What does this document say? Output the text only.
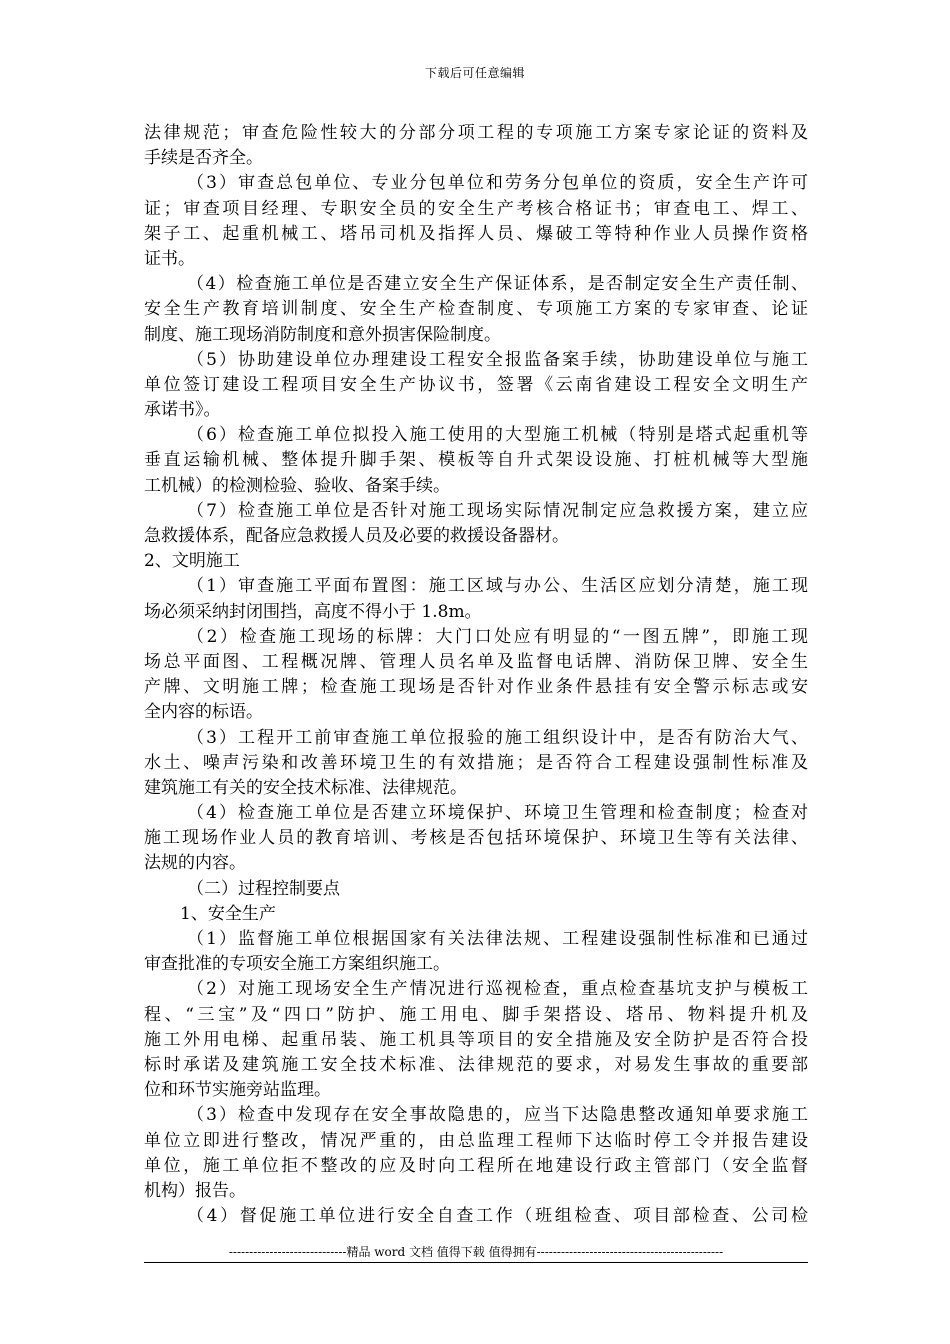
下载后可任意编辑
法律规范；审查危险性较大的分部分项工程的专项施工方案专家论证的资料及
手续是否齐全。
（3）审查总包单位、专业分包单位和劳务分包单位的资质，安全生产许可
证；审查项目经理、专职安全员的安全生产考核合格证书；审查电工、焊工、
架子工、起重机械工、塔吊司机及指挥人员、爆破工等特种作业人员操作资格
证书。
（4）检查施工单位是否建立安全生产保证体系，是否制定安全生产责任制、
安全生产教育培训制度、安全生产检查制度、专项施工方案的专家审查、论证
制度、施工现场消防制度和意外损害保险制度。
（5）协助建设单位办理建设工程安全报监备案手续，协助建设单位与施工
单位签订建设工程项目安全生产协议书，签署《云南省建设工程安全文明生产
承诺书》。
（6）检查施工单位拟投入施工使用的大型施工机械（特别是塔式起重机等
垂直运输机械、整体提升脚手架、模板等自升式架设设施、打桩机械等大型施
工机械）的检测检验、验收、备案手续。
（7）检查施工单位是否针对施工现场实际情况制定应急救援方案，建立应
急救援体系，配备应急救援人员及必要的救援设备器材。
2、文明施工
（1）审查施工平面布置图：施工区域与办公、生活区应划分清楚，施工现
场必须采纳封闭围挡，高度不得小于 1.8m。
（2）检查施工现场的标牌：大门口处应有明显的“一图五牌”，即施工现
场总平面图、工程概况牌、管理人员名单及监督电话牌、消防保卫牌、安全生
产牌、文明施工牌；检查施工现场是否针对作业条件悬挂有安全警示标志或安
全内容的标语。
（3）工程开工前审查施工单位报验的施工组织设计中，是否有防治大气、
水土、噪声污染和改善环境卫生的有效措施；是否符合工程建设强制性标准及
建筑施工有关的安全技术标准、法律规范。
（4）检查施工单位是否建立环境保护、环境卫生管理和检查制度；检查对
施工现场作业人员的教育培训、考核是否包括环境保护、环境卫生等有关法律、
法规的内容。
（二）过程控制要点
1、安全生产
（1）监督施工单位根据国家有关法律法规、工程建设强制性标准和已通过
审查批准的专项安全施工方案组织施工。
（2）对施工现场安全生产情况进行巡视检查，重点检查基坑支护与模板工
程、“三宝”及“四口”防护、施工用电、脚手架搭设、塔吊、物料提升机及
施工外用电梯、起重吊装、施工机具等项目的安全措施及安全防护是否符合投
标时承诺及建筑施工安全技术标准、法律规范的要求，对易发生事故的重要部
位和环节实施旁站监理。
（3）检查中发现存在安全事故隐患的，应当下达隐患整改通知单要求施工
单位立即进行整改，情况严重的，由总监理工程师下达临时停工令并报告建设
单位，施工单位拒不整改的应及时向工程所在地建设行政主管部门（安全监督
机构）报告。
（4）督促施工单位进行安全自查工作（班组检查、项目部检查、公司检
-----------------------------精品 word 文档 值得下载 值得拥有----------------------------------------------
